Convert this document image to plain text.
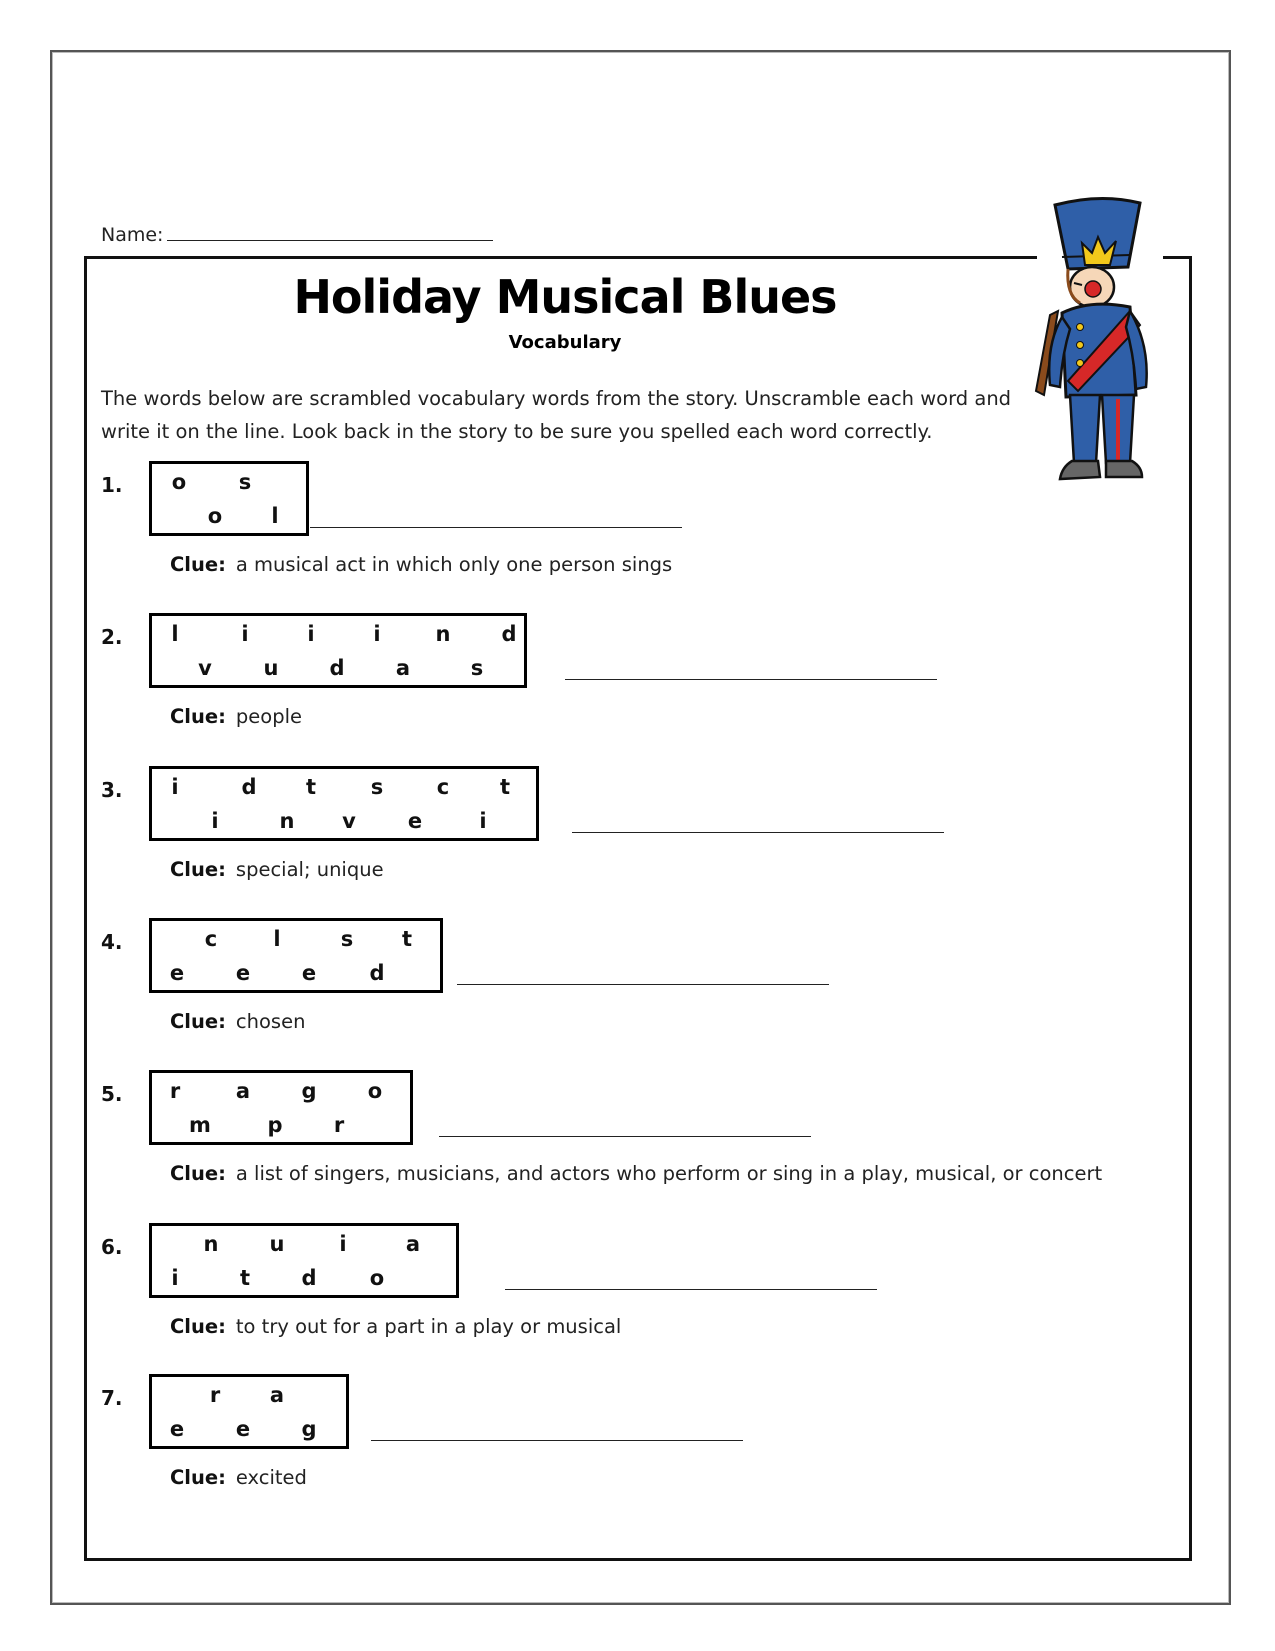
Name:
Holiday Musical Blues
Vocabulary
The words below are scrambled vocabulary words from the story. Unscramble each word and write it on the line. Look back in the story to be sure you spelled each word correctly.
1. o	s
o	l
Clue: a musical act in which only one person sings
2.	l	i	i	i	n d
v u d a	s
Clue: people
3.	i	d t	s	c t
i	n v e	i
Clue: special; unique
4.	c	l	s t
e e e	d
Clue: chosen
5. r	a g o
m	p r
Clue: a list of singers, musicians, and actors who perform or sing in a play, musical, or concert
6.	n u	i	a
i	t d	o
Clue: to try out for a part in a play or musical
7.	r a
e e g
Clue: excited
